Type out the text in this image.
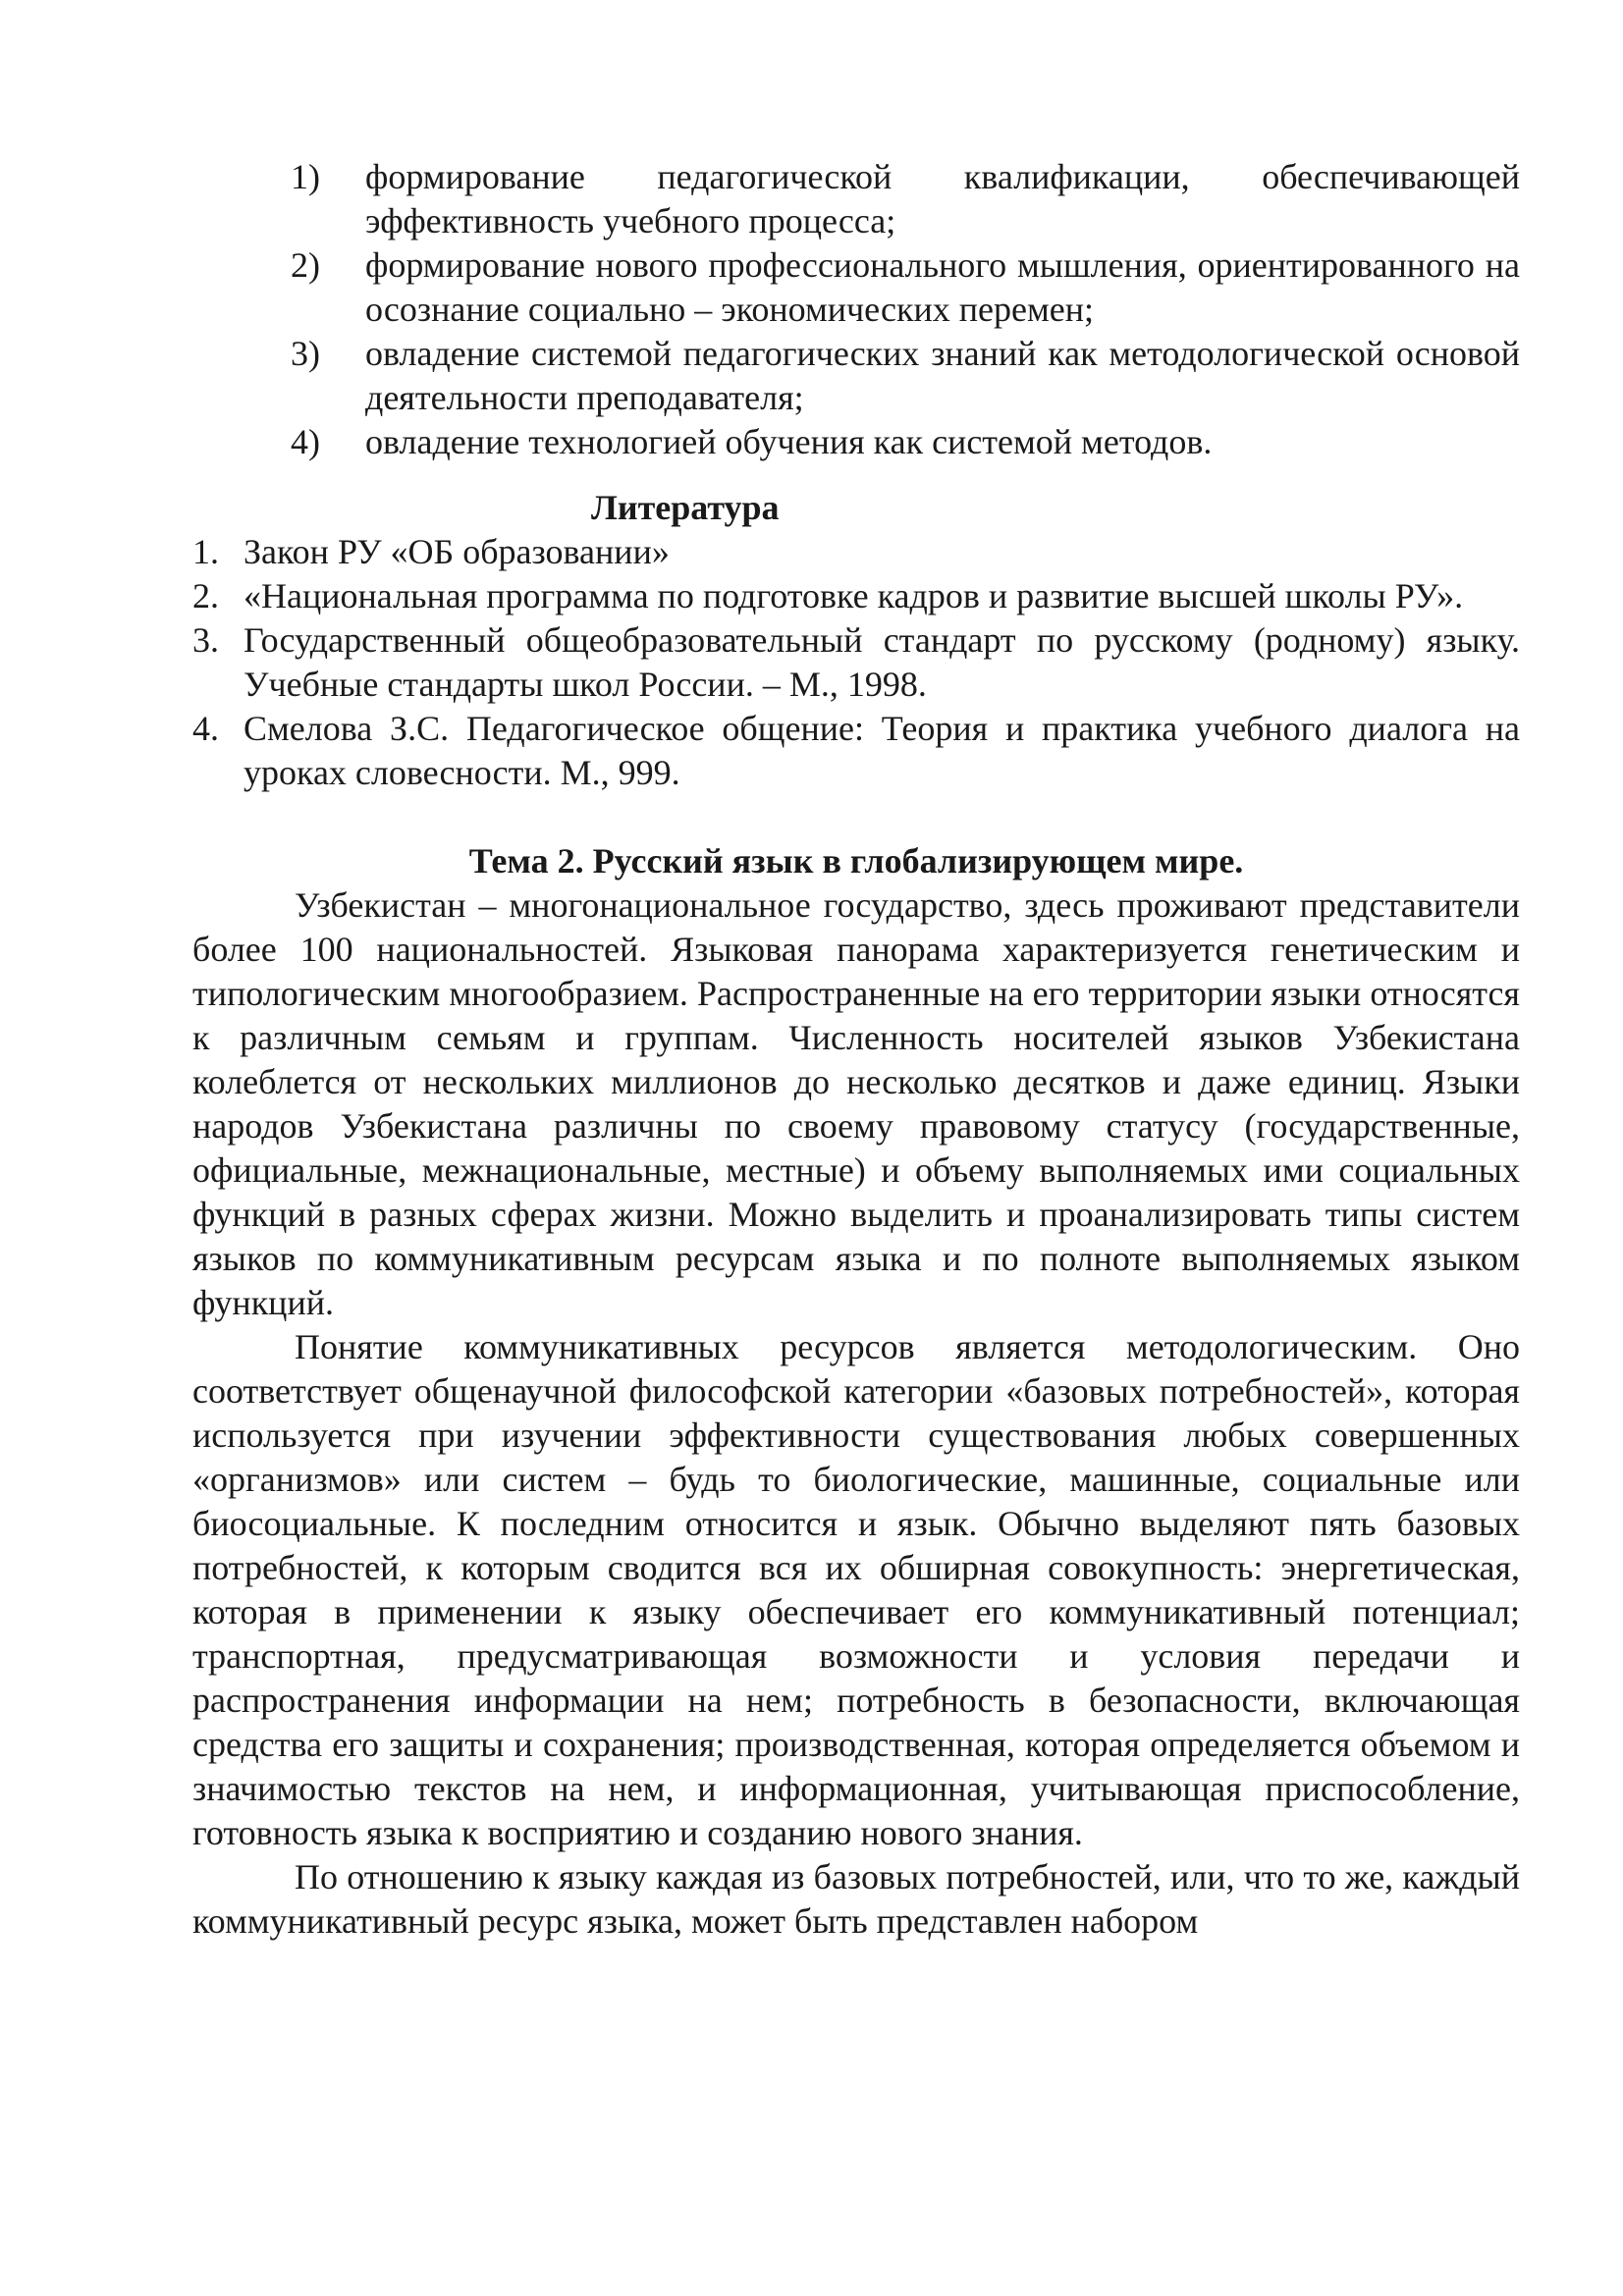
1) формирование педагогической квалификации, обеспечивающей эффективность учебного процесса;
2) формирование нового профессионального мышления, ориентированного на осознание социально – экономических перемен;
3) овладение системой педагогических знаний как методологической основой деятельности преподавателя;
4) овладение технологией обучения как системой методов.
Литература
1. Закон РУ «ОБ образовании»
2. «Национальная программа по подготовке кадров и развитие высшей школы РУ».
3. Государственный общеобразовательный стандарт по русскому (родному) языку. Учебные стандарты школ России. – М., 1998.
4. Смелова З.С. Педагогическое общение: Теория и практика учебного диалога на уроках словесности. М., 999.
Тема 2. Русский язык в глобализирующем мире.

Узбекистан – многонациональное государство, здесь проживают представители более 100 национальностей. Языковая панорама характеризуется генетическим и типологическим многообразием. Распространенные на его территории языки относятся к различным семьям и группам. Численность носителей языков Узбекистана колеблется от нескольких миллионов до несколько десятков и даже единиц. Языки народов Узбекистана различны по своему правовому статусу (государственные, официальные, межнациональные, местные) и объему выполняемых ими социальных функций в разных сферах жизни. Можно выделить и проанализировать типы систем языков по коммуникативным ресурсам языка и по полноте выполняемых языком функций.

Понятие коммуникативных ресурсов является методологическим. Оно соответствует общенаучной философской категории «базовых потребностей», которая используется при изучении эффективности существования любых совершенных «организмов» или систем – будь то биологические, машинные, социальные или биосоциальные. К последним относится и язык. Обычно выделяют пять базовых потребностей, к которым сводится вся их обширная совокупность: энергетическая, которая в применении к языку обеспечивает его коммуникативный потенциал; транспортная, предусматривающая возможности и условия передачи и распространения информации на нем; потребность в безопасности, включающая средства его защиты и сохранения; производственная, которая определяется объемом и значимостью текстов на нем, и информационная, учитывающая приспособление, готовность языка к восприятию и созданию нового знания.

По отношению к языку каждая из базовых потребностей, или, что то же, каждый коммуникативный ресурс языка, может быть представлен набором
